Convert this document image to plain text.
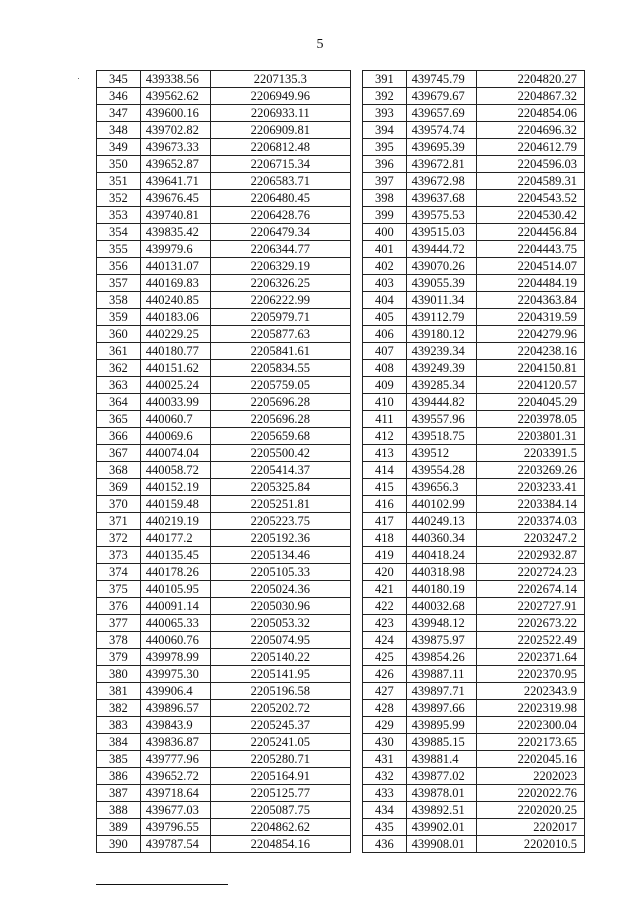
5
345	439338.56	2207135.3
346	439562.62	2206949.96
347	439600.16	2206933.11
348	439702.82	2206909.81
349	439673.33	2206812.48
350	439652.87	2206715.34
351	439641.71	2206583.71
352	439676.45	2206480.45
353	439740.81	2206428.76
354	439835.42	2206479.34
355	439979.6	2206344.77
356	440131.07	2206329.19
357	440169.83	2206326.25
358	440240.85	2206222.99
359	440183.06	2205979.71
360	440229.25	2205877.63
361	440180.77	2205841.61
362	440151.62	2205834.55
363	440025.24	2205759.05
364	440033.99	2205696.28
365	440060.7	2205696.28
366	440069.6	2205659.68
367	440074.04	2205500.42
368	440058.72	2205414.37
369	440152.19	2205325.84
370	440159.48	2205251.81
371	440219.19	2205223.75
372	440177.2	2205192.36
373	440135.45	2205134.46
374	440178.26	2205105.33
375	440105.95	2205024.36
376	440091.14	2205030.96
377	440065.33	2205053.32
378	440060.76	2205074.95
379	439978.99	2205140.22
380	439975.30	2205141.95
381	439906.4	2205196.58
382	439896.57	2205202.72
383	439843.9	2205245.37
384	439836.87	2205241.05
385	439777.96	2205280.71
386	439652.72	2205164.91
387	439718.64	2205125.77
388	439677.03	2205087.75
389	439796.55	2204862.62
390	439787.54	2204854.16
391	439745.79	2204820.27
392	439679.67	2204867.32
393	439657.69	2204854.06
394	439574.74	2204696.32
395	439695.39	2204612.79
396	439672.81	2204596.03
397	439672.98	2204589.31
398	439637.68	2204543.52
399	439575.53	2204530.42
400	439515.03	2204456.84
401	439444.72	2204443.75
402	439070.26	2204514.07
403	439055.39	2204484.19
404	439011.34	2204363.84
405	439112.79	2204319.59
406	439180.12	2204279.96
407	439239.34	2204238.16
408	439249.39	2204150.81
409	439285.34	2204120.57
410	439444.82	2204045.29
411	439557.96	2203978.05
412	439518.75	2203801.31
413	439512	2203391.5
414	439554.28	2203269.26
415	439656.3	2203233.41
416	440102.99	2203384.14
417	440249.13	2203374.03
418	440360.34	2203247.2
419	440418.24	2202932.87
420	440318.98	2202724.23
421	440180.19	2202674.14
422	440032.68	2202727.91
423	439948.12	2202673.22
424	439875.97	2202522.49
425	439854.26	2202371.64
426	439887.11	2202370.95
427	439897.71	2202343.9
428	439897.66	2202319.98
429	439895.99	2202300.04
430	439885.15	2202173.65
431	439881.4	2202045.16
432	439877.02	2202023
433	439878.01	2202022.76
434	439892.51	2202020.25
435	439902.01	2202017
436	439908.01	2202010.5
